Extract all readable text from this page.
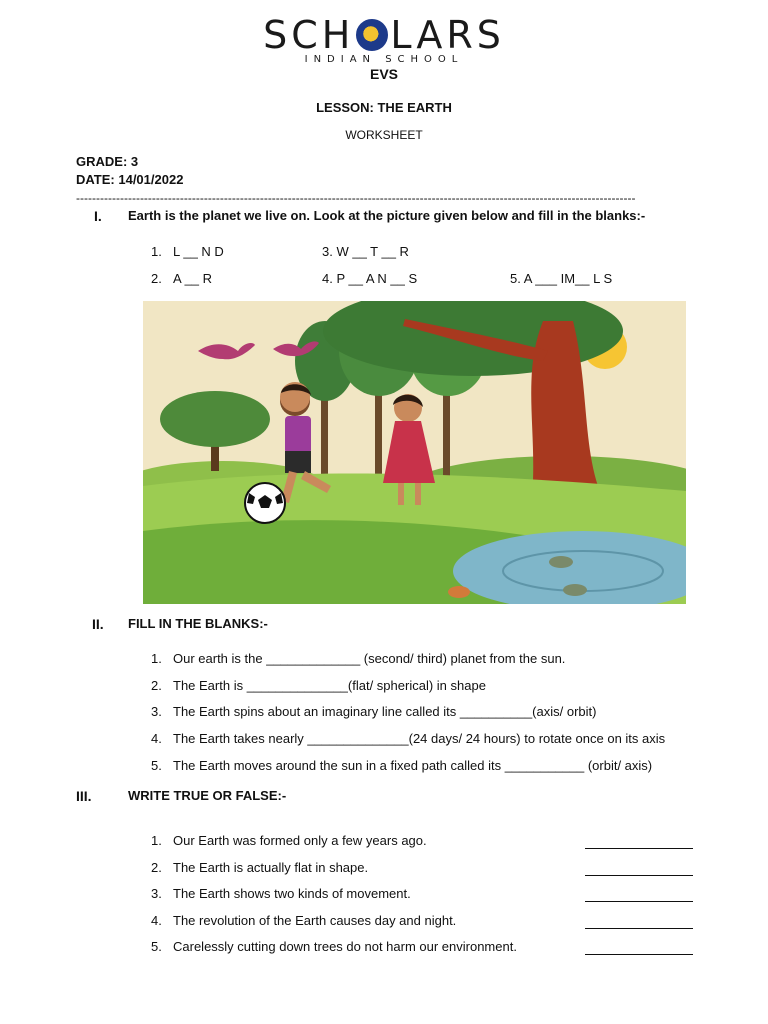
SCH LARS
INDIAN SCHOOL
EVS
LESSON: THE EARTH
WORKSHEET
GRADE: 3
DATE: 14/01/2022
--------------------------------------------------------------------------------------------------------------------------------------------
I. Earth is the planet we live on. Look at the picture given below and fill in the blanks:-
1. L __ N D	3. W __ T __ R
2. A __ R	4. P __ A N __ S	5. A ___ IM__ L S
II. FILL IN THE BLANKS:-
1. Our earth is the _____________ (second/ third) planet from the sun.
2. The Earth is ______________(flat/ spherical) in shape
3. The Earth spins about an imaginary line called its __________(axis/ orbit)
4. The Earth takes nearly ______________(24 days/ 24 hours) to rotate once on its axis
5. The Earth moves around the sun in a fixed path called its ___________ (orbit/ axis)
III.	WRITE TRUE OR FALSE:-
1. Our Earth was formed only a few years ago.
2. The Earth is actually flat in shape.
3. The Earth shows two kinds of movement.
4. The revolution of the Earth causes day and night.
5. Carelessly cutting down trees do not harm our environment.
